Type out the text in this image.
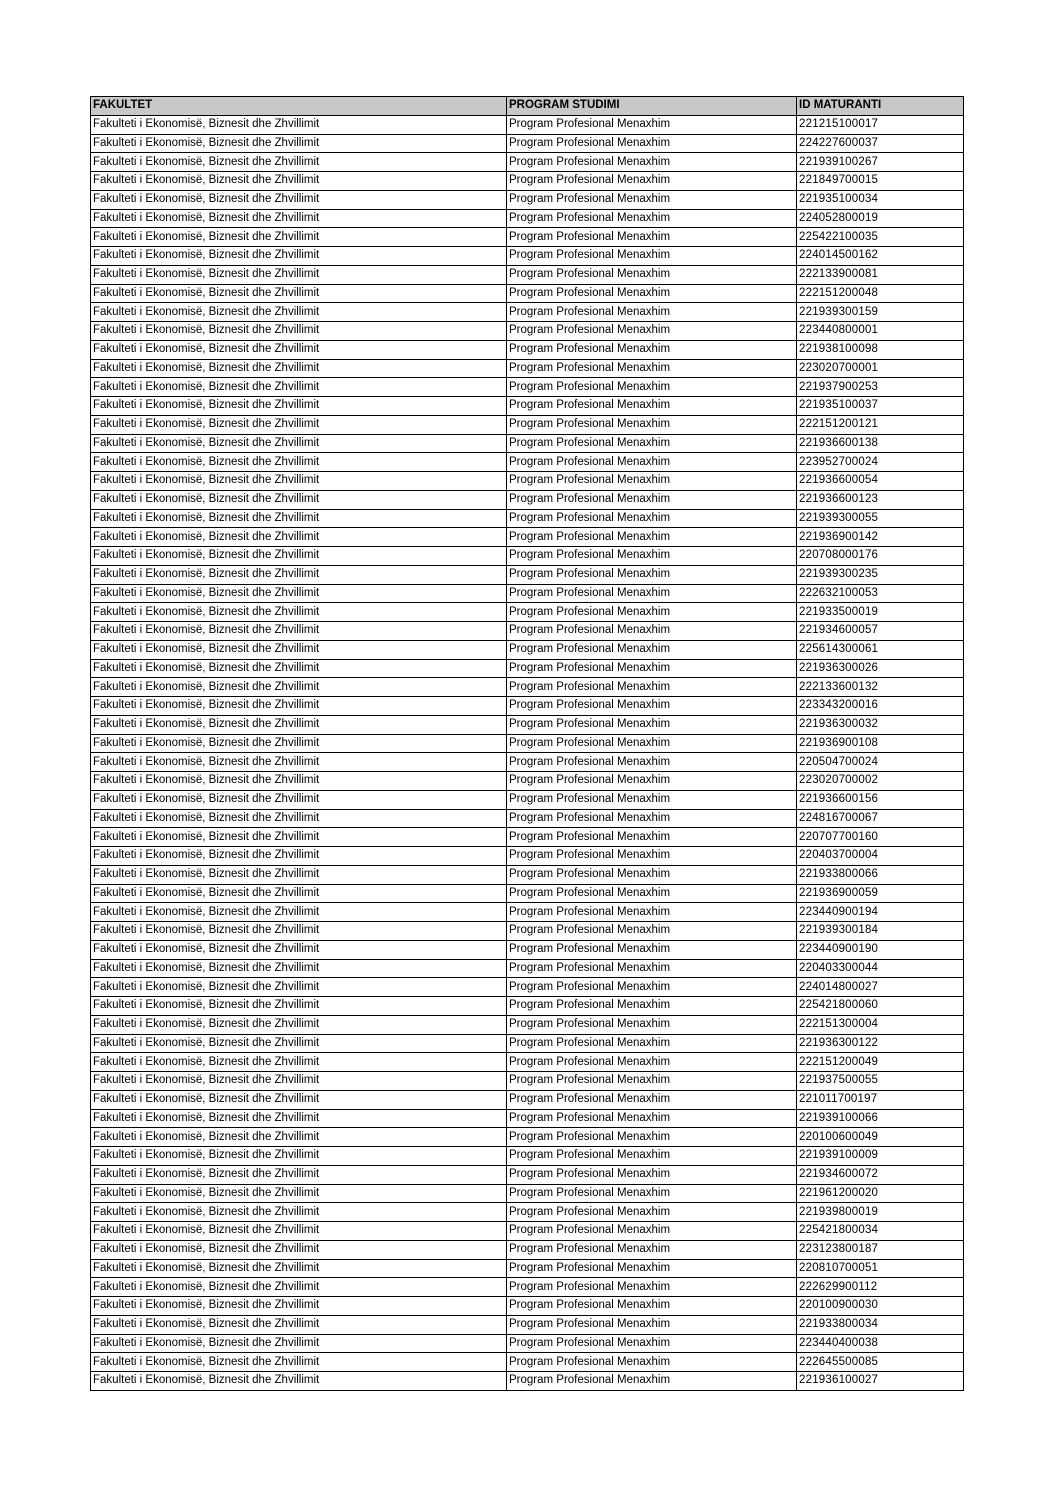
FAKULTET	PROGRAM STUDIMI	ID MATURANTI
Fakulteti i Ekonomisë, Biznesit dhe Zhvillimit	Program Profesional Menaxhim	221215100017
Fakulteti i Ekonomisë, Biznesit dhe Zhvillimit	Program Profesional Menaxhim	224227600037
Fakulteti i Ekonomisë, Biznesit dhe Zhvillimit	Program Profesional Menaxhim	221939100267
Fakulteti i Ekonomisë, Biznesit dhe Zhvillimit	Program Profesional Menaxhim	221849700015
Fakulteti i Ekonomisë, Biznesit dhe Zhvillimit	Program Profesional Menaxhim	221935100034
Fakulteti i Ekonomisë, Biznesit dhe Zhvillimit	Program Profesional Menaxhim	224052800019
Fakulteti i Ekonomisë, Biznesit dhe Zhvillimit	Program Profesional Menaxhim	225422100035
Fakulteti i Ekonomisë, Biznesit dhe Zhvillimit	Program Profesional Menaxhim	224014500162
Fakulteti i Ekonomisë, Biznesit dhe Zhvillimit	Program Profesional Menaxhim	222133900081
Fakulteti i Ekonomisë, Biznesit dhe Zhvillimit	Program Profesional Menaxhim	222151200048
Fakulteti i Ekonomisë, Biznesit dhe Zhvillimit	Program Profesional Menaxhim	221939300159
Fakulteti i Ekonomisë, Biznesit dhe Zhvillimit	Program Profesional Menaxhim	223440800001
Fakulteti i Ekonomisë, Biznesit dhe Zhvillimit	Program Profesional Menaxhim	221938100098
Fakulteti i Ekonomisë, Biznesit dhe Zhvillimit	Program Profesional Menaxhim	223020700001
Fakulteti i Ekonomisë, Biznesit dhe Zhvillimit	Program Profesional Menaxhim	221937900253
Fakulteti i Ekonomisë, Biznesit dhe Zhvillimit	Program Profesional Menaxhim	221935100037
Fakulteti i Ekonomisë, Biznesit dhe Zhvillimit	Program Profesional Menaxhim	222151200121
Fakulteti i Ekonomisë, Biznesit dhe Zhvillimit	Program Profesional Menaxhim	221936600138
Fakulteti i Ekonomisë, Biznesit dhe Zhvillimit	Program Profesional Menaxhim	223952700024
Fakulteti i Ekonomisë, Biznesit dhe Zhvillimit	Program Profesional Menaxhim	221936600054
Fakulteti i Ekonomisë, Biznesit dhe Zhvillimit	Program Profesional Menaxhim	221936600123
Fakulteti i Ekonomisë, Biznesit dhe Zhvillimit	Program Profesional Menaxhim	221939300055
Fakulteti i Ekonomisë, Biznesit dhe Zhvillimit	Program Profesional Menaxhim	221936900142
Fakulteti i Ekonomisë, Biznesit dhe Zhvillimit	Program Profesional Menaxhim	220708000176
Fakulteti i Ekonomisë, Biznesit dhe Zhvillimit	Program Profesional Menaxhim	221939300235
Fakulteti i Ekonomisë, Biznesit dhe Zhvillimit	Program Profesional Menaxhim	222632100053
Fakulteti i Ekonomisë, Biznesit dhe Zhvillimit	Program Profesional Menaxhim	221933500019
Fakulteti i Ekonomisë, Biznesit dhe Zhvillimit	Program Profesional Menaxhim	221934600057
Fakulteti i Ekonomisë, Biznesit dhe Zhvillimit	Program Profesional Menaxhim	225614300061
Fakulteti i Ekonomisë, Biznesit dhe Zhvillimit	Program Profesional Menaxhim	221936300026
Fakulteti i Ekonomisë, Biznesit dhe Zhvillimit	Program Profesional Menaxhim	222133600132
Fakulteti i Ekonomisë, Biznesit dhe Zhvillimit	Program Profesional Menaxhim	223343200016
Fakulteti i Ekonomisë, Biznesit dhe Zhvillimit	Program Profesional Menaxhim	221936300032
Fakulteti i Ekonomisë, Biznesit dhe Zhvillimit	Program Profesional Menaxhim	221936900108
Fakulteti i Ekonomisë, Biznesit dhe Zhvillimit	Program Profesional Menaxhim	220504700024
Fakulteti i Ekonomisë, Biznesit dhe Zhvillimit	Program Profesional Menaxhim	223020700002
Fakulteti i Ekonomisë, Biznesit dhe Zhvillimit	Program Profesional Menaxhim	221936600156
Fakulteti i Ekonomisë, Biznesit dhe Zhvillimit	Program Profesional Menaxhim	224816700067
Fakulteti i Ekonomisë, Biznesit dhe Zhvillimit	Program Profesional Menaxhim	220707700160
Fakulteti i Ekonomisë, Biznesit dhe Zhvillimit	Program Profesional Menaxhim	220403700004
Fakulteti i Ekonomisë, Biznesit dhe Zhvillimit	Program Profesional Menaxhim	221933800066
Fakulteti i Ekonomisë, Biznesit dhe Zhvillimit	Program Profesional Menaxhim	221936900059
Fakulteti i Ekonomisë, Biznesit dhe Zhvillimit	Program Profesional Menaxhim	223440900194
Fakulteti i Ekonomisë, Biznesit dhe Zhvillimit	Program Profesional Menaxhim	221939300184
Fakulteti i Ekonomisë, Biznesit dhe Zhvillimit	Program Profesional Menaxhim	223440900190
Fakulteti i Ekonomisë, Biznesit dhe Zhvillimit	Program Profesional Menaxhim	220403300044
Fakulteti i Ekonomisë, Biznesit dhe Zhvillimit	Program Profesional Menaxhim	224014800027
Fakulteti i Ekonomisë, Biznesit dhe Zhvillimit	Program Profesional Menaxhim	225421800060
Fakulteti i Ekonomisë, Biznesit dhe Zhvillimit	Program Profesional Menaxhim	222151300004
Fakulteti i Ekonomisë, Biznesit dhe Zhvillimit	Program Profesional Menaxhim	221936300122
Fakulteti i Ekonomisë, Biznesit dhe Zhvillimit	Program Profesional Menaxhim	222151200049
Fakulteti i Ekonomisë, Biznesit dhe Zhvillimit	Program Profesional Menaxhim	221937500055
Fakulteti i Ekonomisë, Biznesit dhe Zhvillimit	Program Profesional Menaxhim	221011700197
Fakulteti i Ekonomisë, Biznesit dhe Zhvillimit	Program Profesional Menaxhim	221939100066
Fakulteti i Ekonomisë, Biznesit dhe Zhvillimit	Program Profesional Menaxhim	220100600049
Fakulteti i Ekonomisë, Biznesit dhe Zhvillimit	Program Profesional Menaxhim	221939100009
Fakulteti i Ekonomisë, Biznesit dhe Zhvillimit	Program Profesional Menaxhim	221934600072
Fakulteti i Ekonomisë, Biznesit dhe Zhvillimit	Program Profesional Menaxhim	221961200020
Fakulteti i Ekonomisë, Biznesit dhe Zhvillimit	Program Profesional Menaxhim	221939800019
Fakulteti i Ekonomisë, Biznesit dhe Zhvillimit	Program Profesional Menaxhim	225421800034
Fakulteti i Ekonomisë, Biznesit dhe Zhvillimit	Program Profesional Menaxhim	223123800187
Fakulteti i Ekonomisë, Biznesit dhe Zhvillimit	Program Profesional Menaxhim	220810700051
Fakulteti i Ekonomisë, Biznesit dhe Zhvillimit	Program Profesional Menaxhim	222629900112
Fakulteti i Ekonomisë, Biznesit dhe Zhvillimit	Program Profesional Menaxhim	220100900030
Fakulteti i Ekonomisë, Biznesit dhe Zhvillimit	Program Profesional Menaxhim	221933800034
Fakulteti i Ekonomisë, Biznesit dhe Zhvillimit	Program Profesional Menaxhim	223440400038
Fakulteti i Ekonomisë, Biznesit dhe Zhvillimit	Program Profesional Menaxhim	222645500085
Fakulteti i Ekonomisë, Biznesit dhe Zhvillimit	Program Profesional Menaxhim	221936100027
